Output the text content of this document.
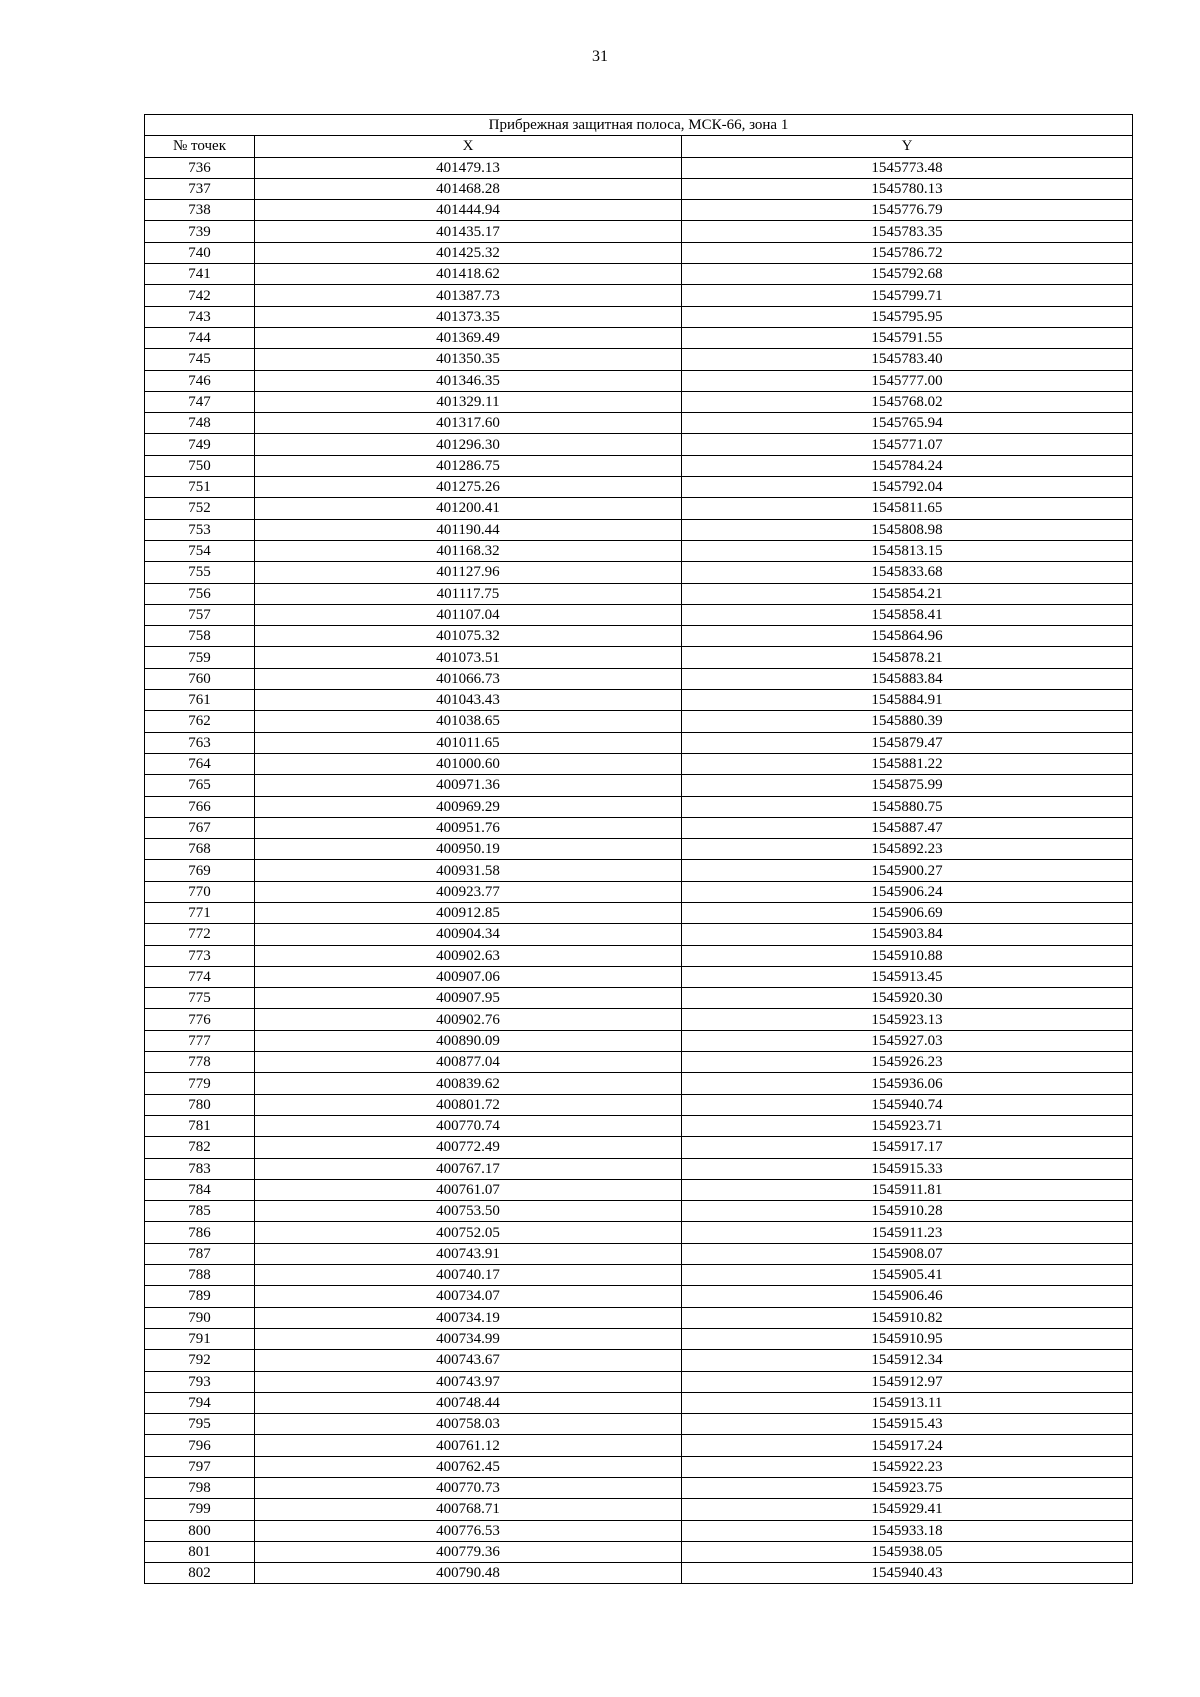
31
Прибрежная защитная полоса, МСК-66, зона 1		
№ точек	X	Y
736	401479.13	1545773.48
737	401468.28	1545780.13
738	401444.94	1545776.79
739	401435.17	1545783.35
740	401425.32	1545786.72
741	401418.62	1545792.68
742	401387.73	1545799.71
743	401373.35	1545795.95
744	401369.49	1545791.55
745	401350.35	1545783.40
746	401346.35	1545777.00
747	401329.11	1545768.02
748	401317.60	1545765.94
749	401296.30	1545771.07
750	401286.75	1545784.24
751	401275.26	1545792.04
752	401200.41	1545811.65
753	401190.44	1545808.98
754	401168.32	1545813.15
755	401127.96	1545833.68
756	401117.75	1545854.21
757	401107.04	1545858.41
758	401075.32	1545864.96
759	401073.51	1545878.21
760	401066.73	1545883.84
761	401043.43	1545884.91
762	401038.65	1545880.39
763	401011.65	1545879.47
764	401000.60	1545881.22
765	400971.36	1545875.99
766	400969.29	1545880.75
767	400951.76	1545887.47
768	400950.19	1545892.23
769	400931.58	1545900.27
770	400923.77	1545906.24
771	400912.85	1545906.69
772	400904.34	1545903.84
773	400902.63	1545910.88
774	400907.06	1545913.45
775	400907.95	1545920.30
776	400902.76	1545923.13
777	400890.09	1545927.03
778	400877.04	1545926.23
779	400839.62	1545936.06
780	400801.72	1545940.74
781	400770.74	1545923.71
782	400772.49	1545917.17
783	400767.17	1545915.33
784	400761.07	1545911.81
785	400753.50	1545910.28
786	400752.05	1545911.23
787	400743.91	1545908.07
788	400740.17	1545905.41
789	400734.07	1545906.46
790	400734.19	1545910.82
791	400734.99	1545910.95
792	400743.67	1545912.34
793	400743.97	1545912.97
794	400748.44	1545913.11
795	400758.03	1545915.43
796	400761.12	1545917.24
797	400762.45	1545922.23
798	400770.73	1545923.75
799	400768.71	1545929.41
800	400776.53	1545933.18
801	400779.36	1545938.05
802	400790.48	1545940.43
